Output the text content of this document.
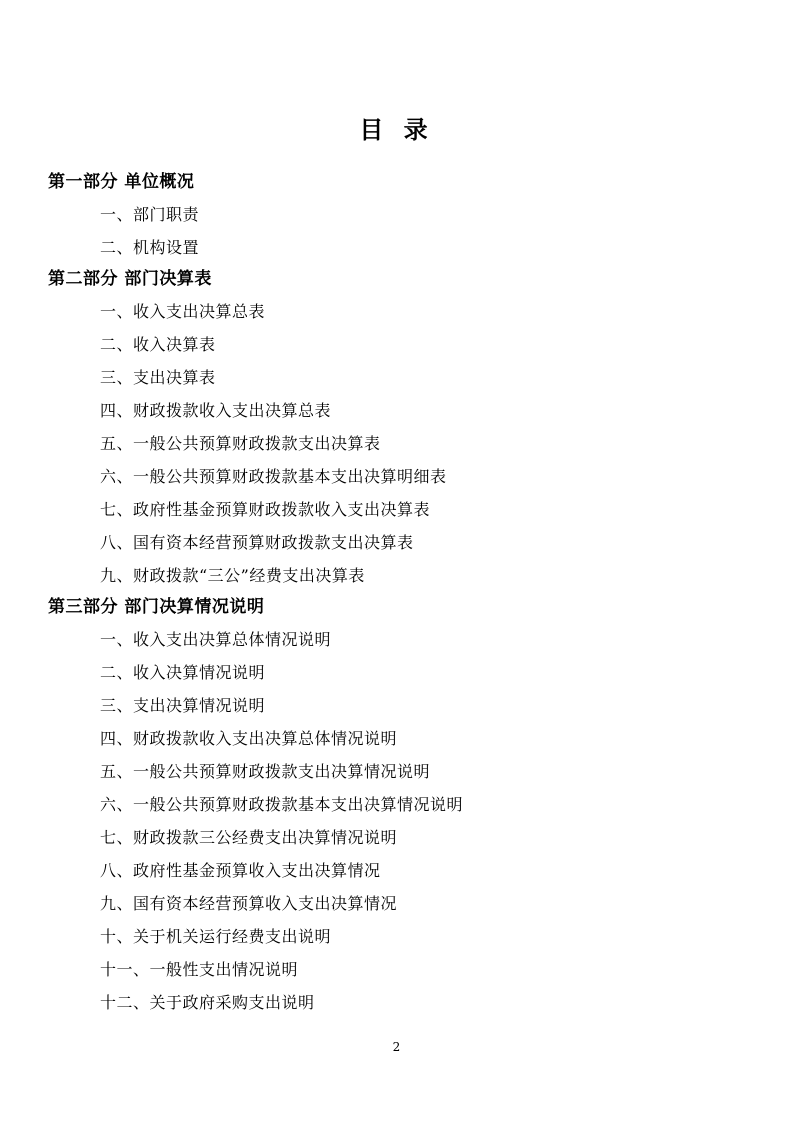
目 录
第一部分 单位概况
一、部门职责
二、机构设置
第二部分 部门决算表
一、收入支出决算总表
二、收入决算表
三、支出决算表
四、财政拨款收入支出决算总表
五、一般公共预算财政拨款支出决算表
六、一般公共预算财政拨款基本支出决算明细表
七、政府性基金预算财政拨款收入支出决算表
八、国有资本经营预算财政拨款支出决算表
九、财政拨款“三公”经费支出决算表
第三部分 部门决算情况说明
一、收入支出决算总体情况说明
二、收入决算情况说明
三、支出决算情况说明
四、财政拨款收入支出决算总体情况说明
五、一般公共预算财政拨款支出决算情况说明
六、一般公共预算财政拨款基本支出决算情况说明
七、财政拨款三公经费支出决算情况说明
八、政府性基金预算收入支出决算情况
九、国有资本经营预算收入支出决算情况
十、关于机关运行经费支出说明
十一、一般性支出情况说明
十二、关于政府采购支出说明
2
